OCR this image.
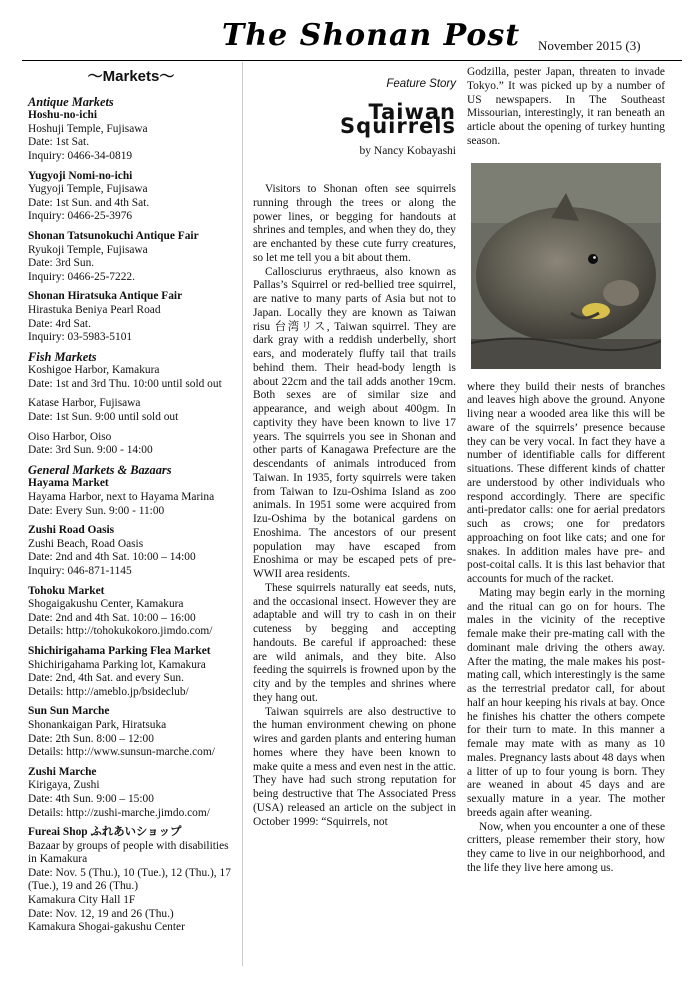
The Shonan Post November 2015 (3)
〜Markets〜
Antique Markets
Hoshu-no-ichi

Hoshuji Temple, Fujisawa

Date: 1st Sat.

Inquiry: 0466-34-0819

Yugyoji Nomi-no-ichi

Yugyoji Temple, Fujisawa

Date: 1st Sun. and 4th Sat.

Inquiry: 0466-25-3976

Shonan Tatsunokuchi Antique Fair

Ryukoji Temple, Fujisawa

Date: 3rd Sun.

Inquiry: 0466-25-7222.

Shonan Hiratsuka Antique Fair

Hirastuka Beniya Pearl Road

Date: 4rd Sat.

Inquiry: 03-5983-5101

Fish Markets

Koshigoe Harbor, Kamakura

Date: 1st and 3rd Thu. 10:00 until sold out

Katase Harbor, Fujisawa

Date: 1st Sun. 9:00 until sold out

Oiso Harbor, Oiso

Date: 3rd Sun. 9:00 - 14:00

General Markets & Bazaars
Hayama Market

Hayama Harbor, next to Hayama Marina

Date: Every Sun. 9:00 - 11:00

Zushi Road Oasis

Zushi Beach, Road Oasis

Date: 2nd and 4th Sat. 10:00 – 14:00

Inquiry: 046-871-1145

Tohoku Market

Shogaigakushu Center, Kamakura

Date: 2nd and 4th Sat. 10:00 – 16:00

Details: http://tohokukokoro.jimdo.com/

Shichirigahama Parking Flea Market

Shichirigahama Parking lot, Kamakura

Date: 2nd, 4th Sat. and every Sun.

Details: http://ameblo.jp/bsideclub/

Sun Sun Marche

Shonankaigan Park, Hiratsuka

Date: 2th Sun. 8:00 – 12:00

Details: http://www.sunsun-marche.com/

Zushi Marche

Kirigaya, Zushi

Date: 4th Sun. 9:00 – 15:00

Details: http://zushi-marche.jimdo.com/

Fureai Shop ふれあいショップ

Bazaar by groups of people with disabilities in Kamakura

Date: Nov. 5 (Thu.), 10 (Tue.), 12 (Thu.), 17 (Tue.), 19 and 26 (Thu.)

Kamakura City Hall 1F

Date: Nov. 12, 19 and 26 (Thu.)

Kamakura Shogai-gakushu Center

Feature Story
Taiwan Squirrels
by Nancy Kobayashi
Visitors to Shonan often see squirrels running through the trees or along the power lines, or begging for handouts at shrines and temples, and when they do, they are enchanted by these cute furry creatures, so let me tell you a bit about them.
Callosciurus erythraeus, also known as Pallas’s Squirrel or red-bellied tree squirrel, are native to many parts of Asia but not to Japan. Locally they are known as Taiwan risu 台湾リス, Taiwan squirrel. They are dark gray with a reddish underbelly, short ears, and moderately fluffy tail that trails behind them. Their head-body length is about 22cm and the tail adds another 19cm. Both sexes are of similar size and appearance, and weigh about 400gm. In captivity they have been known to live 17 years. The squirrels you see in Shonan and other parts of Kanagawa Prefecture are the descendants of animals introduced from Taiwan. In 1935, forty squirrels were taken from Taiwan to Izu-Oshima Island as zoo animals. In 1951 some were acquired from Izu-Oshima by the botanical gardens on Enoshima. The ancestors of our present population may have escaped from Enoshima or may be escaped pets of pre-WWII area residents.
These squirrels naturally eat seeds, nuts, and the occasional insect. However they are adaptable and will try to cash in on their cuteness by begging and accepting handouts. Be careful if approached: these are wild animals, and they bite. Also feeding the squirrels is frowned upon by the city and by the temples and shrines where they hang out.
Taiwan squirrels are also destructive to the human environment chewing on phone wires and garden plants and entering human homes where they have been known to make quite a mess and even nest in the attic. They have had such strong reputation for being destructive that The Associated Press (USA) released an article on the subject in October 1999: “Squirrels, not
Godzilla, pester Japan, threaten to invade Tokyo.” It was picked up by a number of US newspapers. In The Southeast Missourian, interestingly, it ran beneath an article about the opening of turkey hunting season.
where they build their nests of branches and leaves high above the ground. Anyone living near a wooded area like this will be aware of the squirrels’ presence because they can be very vocal. In fact they have a number of identifiable calls for different situations. These different kinds of chatter are understood by other individuals who respond accordingly. There are specific anti-predator calls: one for aerial predators such as crows; one for predators approaching on foot like cats; and one for snakes. In addition males have pre- and post-coital calls. It is this last behavior that accounts for much of the racket.
Mating may begin early in the morning and the ritual can go on for hours. The males in the vicinity of the receptive female make their pre-mating call with the dominant male driving the others away. After the mating, the male makes his post-mating call, which interestingly is the same as the terrestrial predator call, for about half an hour keeping his rivals at bay. Once he finishes his chatter the others compete for their turn to mate. In this manner a female may mate with as many as 10 males. Pregnancy lasts about 48 days when a litter of up to four young is born. They are weaned in about 45 days and are sexually mature in a year. The mother breeds again after weaning.
Now, when you encounter a one of these critters, please remember their story, how they came to live in our neighborhood, and the life they live here among us.
